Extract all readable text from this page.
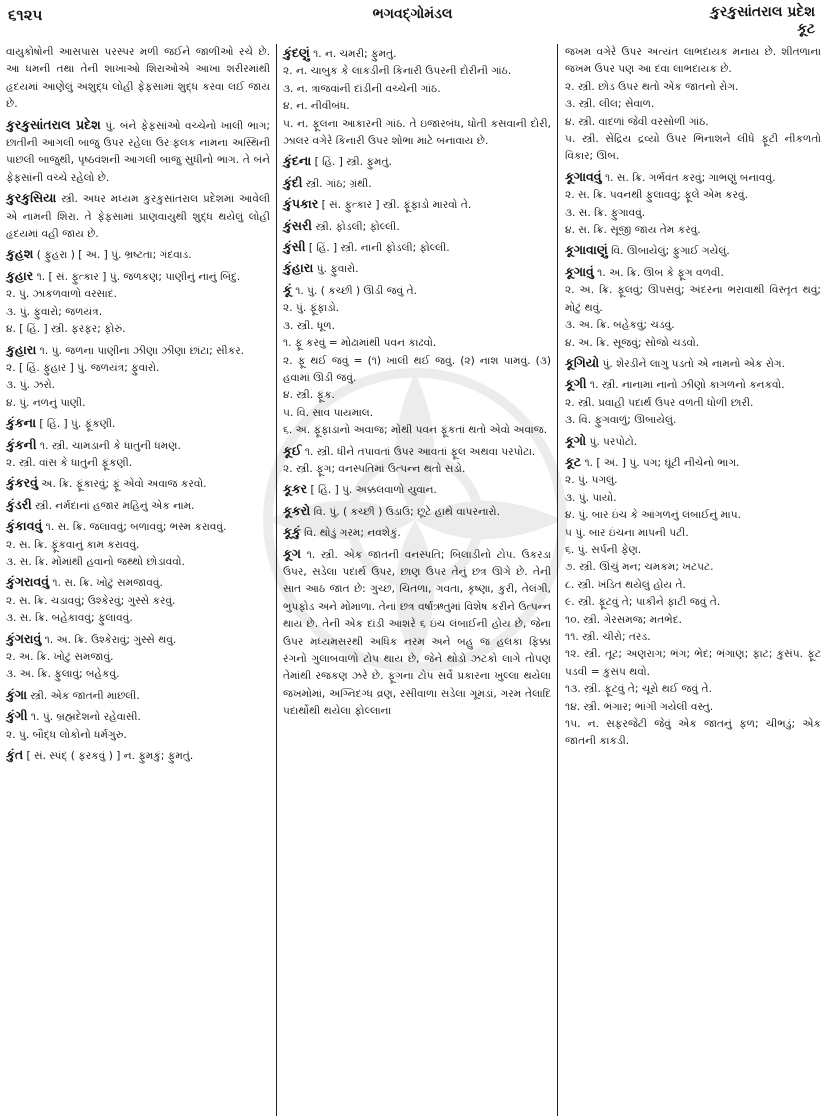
૬૧૨૫	ભગવદ્ગોમંડલ	કુરકુસાંતરાલ પ્રદેશ
કૂટ
વાયુકોષોની આસપાસ પરસ્પર મળી જઈને જાળીઓ રચે છે. આ ધમની તથા તેની શાખાઓ શિરાઓએ આખા શરીરમાંથી હૃદયમાં આણેલું અશુદ્ધ લોહી ફેફસામાં શુદ્ધ કરવા લઈ જાય છે.
કુરકુસાંતરાલ પ્રદેશ પું. બંને ફેફસાંઓ વચ્ચેનો ખાલી ભાગ; છાતીની આગલી બાજુ ઉપર રહેલા ઉરઃફલક નામના અસ્થિની પાછલી બાજુથી, પૃષ્ઠવંશની આગલી બાજુ સુધીનો ભાગ. તે બંને ફેફસાંની વચ્ચે રહેલો છે.
કુરકુસિયા સ્ત્રી. અધર મધ્યમ કુરકુસાંતરાલ પ્રદેશમાં આવેલી એ નામની શિરા. તે ફેફસામાં પ્રાણવાયુથી શુદ્ધ થયેલું લોહી હૃદયમાં વહી જાય છે.
કુહશ ( ફુહરા ) [ અ. ] પું. ભ્રષ્ટતા; ગંદવાડ.
કુહાર ૧. [ સં. ફુત્કાર ] પું. જળકણ; પાણીનું નાનું બિંદુ.
૨. પું. ઝાકળવાળો વરસાદ.
૩. પું. ફુવારો; જળયંત્ર.
૪. [ હિં. ] સ્ત્રી. ફરફર; ફોરું.
કુહારા ૧. પું. જળના પાણીના ઝીણા ઝીણા છાંટા; સીકર.
૨. [ હિં. ફુહાર ] પું. જળયંત્ર; ફુવારો.
૩. પું. ઝરો.
૪. પું. નળનું પાણી.
કુંકના [ હિં. ] પું. ફૂંકણી.
કુંકની ૧. સ્ત્રી. ચામડાની કે ધાતુની ધમણ.
૨. સ્ત્રી. વાંસ કે ધાતુની ફૂંકણી.
કુંકરવું અ. ક્રિ. ફૂંકારવું; ફૂં એવો અવાજ કરવો.
કુંડરી સ્ત્રી. નર્મદાનાં હજાર મહિનું એક નામ.
કુંકાવવું ૧. સ. ક્રિ. જલાવવું; બળાવવું; ભસ્મ કરાવવું.
૨. સ. ક્રિ. ફૂંકવાનું કામ કરાવવું.
૩. સ. ક્રિ. મોંમાંથી હવાનો જથ્થો છોડાવવો.
કુંગરાવવું ૧. સ. ક્રિ. ખોટું સમજાવવું.
૨. સ. ક્રિ. ચડાવવું; ઉશ્કેરવું; ગુસ્સે કરવું.
૩. સ. ક્રિ. બહેકાવવું; ફુલાવવું.
કુંગરાવું ૧. અ. ક્રિ. ઉશ્કેરાવું; ગુસ્સે થવું.
૨. અ. ક્રિ. ખોટું સમજાવું.
૩. અ. ક્રિ. ફુલાવું; બહેકવું.
કુંગા સ્ત્રી. એક જાતની માછલી.
કુંગી ૧. પું. બ્રહ્મદેશનો રહેવાસી.
૨. પું. બૌદ્ધ લોકોનો ધર્મગુરુ.
કુંત [ સં. સ્પંદ્ ( ફરકવું ) ] ન. ફુમકું; ફુમતું.
કુંદણું ૧. ન. ચમરી; ફુમતું.
૨. ન. ચાબુક કે લાકડીની કિનારી ઉપરની દોરીની ગાંઠ.
૩. ન. ત્રાજવાંની દાંડીની વચ્ચેની ગાંઠ.
૪. ન. નીવીબંધ.
૫. ન. ફૂલના આકારની ગાંઠ. તે ઇજારબંધ, ધોતી કસવાની દોરી, ઝાલર વગેરે કિનારી ઉપર શોભા માટે બનાવાય છે.
કુંદના [ હિં. ] સ્ત્રી. ફુમતું.
કુંદી સ્ત્રી. ગાંઠ; ગ્રંથી.
કુંપકાર [ સં. ફુત્કાર ] સ્ત્રી. ફૂંફાડો મારવો તે.
કુંસરી સ્ત્રી. ફોડલી; ફોલ્લી.
કુંસી [ હિં. ] સ્ત્રી. નાની ફોડલી; ફોલ્લી.
કુંહારા પું. ફુવારો.
કૂં ૧. પું. ( કચ્છી ) ઊડી જવું તે.
૨. પું. ફૂંફાડો.
૩. સ્ત્રી. ધૂળ.
૧. ફૂ કરવું = મોઢામાંથી પવન કાઢવો.
૨. ફૂ થઈ જવું = (૧) ખાલી થઈ જવું. (૨) નાશ પામવું. (૩) હવામાં ઊડી જવું.
૪. સ્ત્રી. ફૂંક.
૫. વિ. સાવ પાયમાલ.
૬. અ. ફૂંફાડાનો અવાજ; મોંથી પવન ફૂંકતાં થતો એવો અવાજ.
કૂઈ ૧. સ્ત્રી. ધીને તપાવતાં ઉપર આવતાં ફૂલ અથવા પરપોટા.
૨. સ્ત્રી. ફૂગ; વનસ્પતિમાં ઉત્પન્ન થતો સડો.
કૂકર [ હિં. ] પું. અક્કલવાળો યુવાન.
કૂકરો વિ. પું. ( કચ્છી ) ઉડાઉ; છૂટે હાથે વાપરનારો.
કૂકું વિ. થોડું ગરમ; નવશેકું.
કૂગ ૧. સ્ત્રી. એક જાતની વનસ્પતિ; બિલાડીનો ટોપ. ઉકરડા ઉપર, સડેલા પદાર્થ ઉપર, છાણ ઉપર તેનું છત્ર ઊગે છે. તેની સાત આઠ જાત છે: ગુચ્છ, ચિતળા, ગવતા, કૃષ્ણા, કુરી, તેલંગી, ભુપફોડ અને મોમાળા. તેનાં છત્ર વર્ષાઋતુમાં વિશેષ કરીને ઉત્પન્ન થાય છે. તેની એક દાંડી આશરે ૬ ઇંચ લંબાઈની હોય છે, જેના ઉપર મધ્યમસરથી અધિક નરમ અને બહુ જ હલકા ફિક્કા રંગનો ગુલાબવાળો ટોપ થાય છે, જેને થોડો ઝટકો લાગે તોપણ તેમાંથી રજકણ ઝરે છે. ફૂગના ટોપ સર્વે પ્રકારના ખુલ્લા થયેલા જખમોમાં, અગ્નિદગ્ધ વ્રણ, રસીવાળા સડેલા ગૂમડાં, ગરમ તેલાદિ પદાર્થોથી થયેલા ફોલ્લાના
જખમ વગેરે ઉપર અત્યંત લાભદાયક મનાય છે. શીતળાના જખમ ઉપર પણ આ દવા લાભદાયક છે.
૨. સ્ત્રી. છોડ ઉપર થતો એક જાતનો રોગ.
૩. સ્ત્રી. લીલ; સેવાળ.
૪. સ્ત્રી. વાદળાં જેવી વરસોળી ગાંઠ.
૫. સ્ત્રી. સેંદ્રિય દ્રવ્યો ઉપર ભિનાશને લીધે ફૂટી નીકળતો વિકાર; ઊબ.
કૂગાવવું ૧. સ. ક્રિ. ગર્ભવંત કરવું; ગાભણું બનાવવું.
૨. સ. ક્રિ. પવનથી ફુલાવવું; ફૂલે એમ કરવું.
૩. સ. ક્રિ. ફુગાવવું.
૪. સ. ક્રિ. સૂજી જાય તેમ કરવું.
કૂગાવાણું વિ. ઊબાયેલું; ફુગાઈ ગયેલું.
કૂગાવું ૧. અ. ક્રિ. ઊબ કે ફૂગ વળવી.
૨. અ. ક્રિ. ફૂલવું; ઊપસવું; અંદરના ભરાવાથી વિસ્તૃત થવું; મોટું થવું.
૩. અ. ક્રિ. બહેકવું; ચડવું.
૪. અ. ક્રિ. સૂજવું; સોજો ચડવો.
કૂગિયો પું. શેરડીને લાગુ પડતો એ નામનો એક રોગ.
કૂગી ૧. સ્ત્રી. નાનામાં નાનો ઝીણો કાગળનો કનકવો.
૨. સ્ત્રી. પ્રવાહી પદાર્થ ઉપર વળતી ધોળી છારી.
૩. વિ. ફુગવાળું; ઊબાયેલું.
કૂગો પું. પરપોટો.
કૂટ ૧. [ અં. ] પું. પગ; ઘૂંટી નીચેનો ભાગ.
૨. પું. પગલું.
૩. પું. પાયો.
૪. પું. બાર ઇંચ કે આંગળનું લંબાઈનું માપ.
૫ પું. બાર ઇંચના માપની પટી.
૬. પું. સર્પની ફેણ.
૭. સ્ત્રી. ઊંચું મન; ચમકમ; ખટપટ.
૮. સ્ત્રી. ખંડિત થયેલું હોય તે.
૯. સ્ત્રી. ફૂટવું તે; પાકીને ફાટી જવું તે.
૧૦. સ્ત્રી. ગેરસમજ; મતભેદ.
૧૧. સ્ત્રી. ચીરો; તરડ.
૧૨. સ્ત્રી. તૂટ; અણરાગ; ભંગ; ભેદ; ભંગાણ; ફાટ; કુસંપ. ફૂટ પડવી = કુસંપ થવો.
૧૩. સ્ત્રી. ફૂટવું તે; ચૂરો થઈ જવું તે.
૧૪. સ્ત્રી. ભંગાર; ભાંગી ગયેલી વસ્તુ.
૧૫. ન. સફરજેટી જેવું એક જાતનું ફળ; ચીભડું; એક જાતની કાકડી.
